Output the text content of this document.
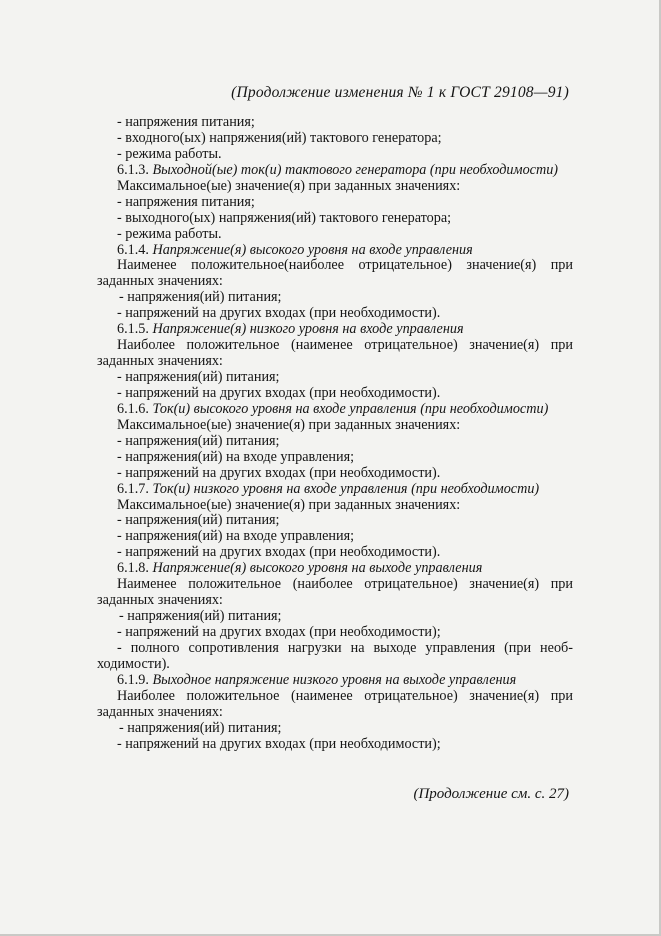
(Продолжение изменения № 1 к ГОСТ 29108—91)
- напряжения питания;
- входного(ых) напряжения(ий) тактового генератора;
- режима работы.
6.1.3. Выходной(ые) ток(и) тактового генератора (при необходимости)
Максимальное(ые) значение(я) при заданных значениях:
- напряжения питания;
- выходного(ых) напряжения(ий) тактового генератора;
- режима работы.
6.1.4. Напряжение(я) высокого уровня на входе управления
Наименее положительное(наиболее отрицательное) значение(я) при
заданных значениях:
- напряжения(ий) питания;
- напряжений на других входах (при необходимости).
6.1.5. Напряжение(я) низкого уровня на входе управления
Наиболее положительное (наименее отрицательное) значение(я) при
заданных значениях:
- напряжения(ий) питания;
- напряжений на других входах (при необходимости).
6.1.6. Ток(и) высокого уровня на входе управления (при необходимости)
Максимальное(ые) значение(я) при заданных значениях:
- напряжения(ий) питания;
- напряжения(ий) на входе управления;
- напряжений на других входах (при необходимости).
6.1.7. Ток(и) низкого уровня на входе управления (при необходимости)
Максимальное(ые) значение(я) при заданных значениях:
- напряжения(ий) питания;
- напряжения(ий) на входе управления;
- напряжений на других входах (при необходимости).
6.1.8. Напряжение(я) высокого уровня на выходе управления
Наименее положительное (наиболее отрицательное) значение(я) при
заданных значениях:
- напряжения(ий) питания;
- напряжений на других входах (при необходимости);
- полного сопротивления нагрузки на выходе управления (при необ-
ходимости).
6.1.9. Выходное напряжение низкого уровня на выходе управления
Наиболее положительное (наименее отрицательное) значение(я) при
заданных значениях:
- напряжения(ий) питания;
- напряжений на других входах (при необходимости);
(Продолжение см. с. 27)
